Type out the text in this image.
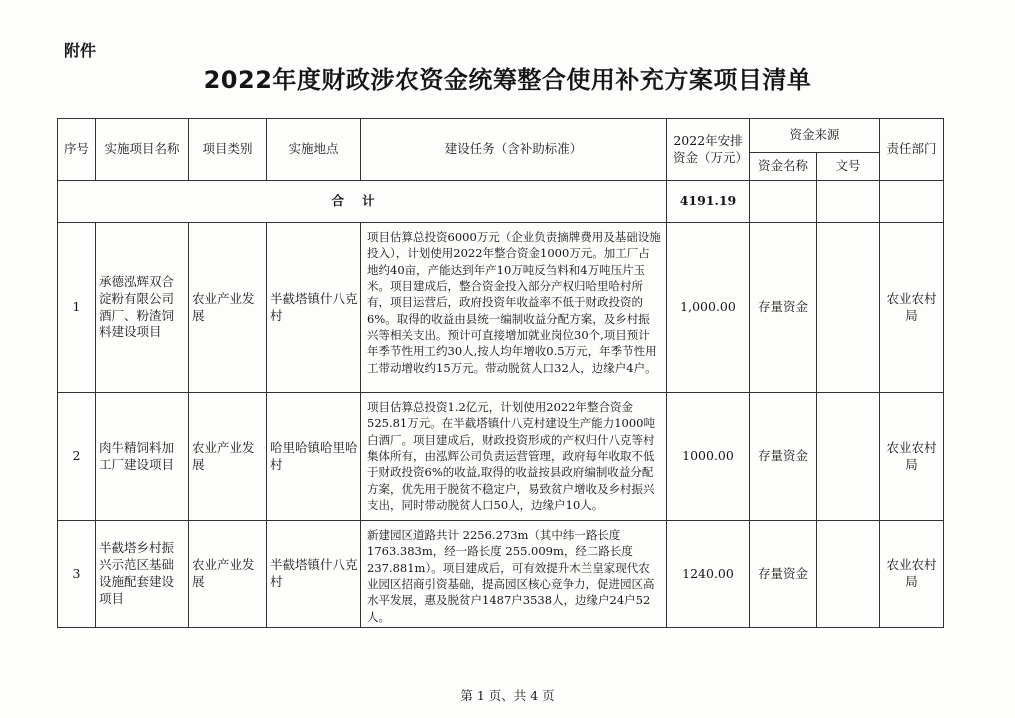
附件
2022年度财政涉农资金统筹整合使用补充方案项目清单
序号	实施项目名称	项目类别	实施地点	建设任务（含补助标准）	2022年安排资金（万元）	资金来源		责任部门
						资金名称	文号	
合计					4191.19			
1	承德泓辉双合淀粉有限公司酒厂、粉渣饲料建设项目	农业产业发展	半截塔镇什八克村	项目估算总投资6000万元（企业负责摘牌费用及基础设施投入），计划使用2022年整合资金1000万元。加工厂占地约40亩，产能达到年产10万吨反刍料和4万吨压片玉米。项目建成后，整合资金投入部分产权归哈里哈村所有，项目运营后，政府投资年收益率不低于财政投资的6%。取得的收益由县统一编制收益分配方案，及乡村振兴等相关支出。预计可直接增加就业岗位30个,项目预计年季节性用工约30人,按人均年增收0.5万元，年季节性用工带动增收约15万元。带动脱贫人口32人，边缘户4户。	1,000.00	存量资金		农业农村局
2	肉牛精饲料加工厂建设项目	农业产业发展	哈里哈镇哈里哈村	项目估算总投资1.2亿元，计划使用2022年整合资金525.81万元。在半截塔镇什八克村建设生产能力1000吨白酒厂。项目建成后，财政投资形成的产权归什八克等村集体所有，由泓辉公司负责运营管理，政府每年收取不低于财政投资6%的收益,取得的收益按县政府编制收益分配方案，优先用于脱贫不稳定户，易致贫户增收及乡村振兴支出，同时带动脱贫人口50人，边缘户10人。	1000.00	存量资金		农业农村局
3	半截塔乡村振兴示范区基础设施配套建设项目	农业产业发展	半截塔镇什八克村	新建园区道路共计 2256.273m（其中纬一路长度1763.383m，经一路长度 255.009m，经二路长度237.881m）。项目建成后，可有效提升木兰皇家现代农业园区招商引资基础，提高园区核心竞争力，促进园区高水平发展，惠及脱贫户1487户3538人，边缘户24户52人。	1240.00	存量资金		农业农村局
第 1 页、共 4 页
